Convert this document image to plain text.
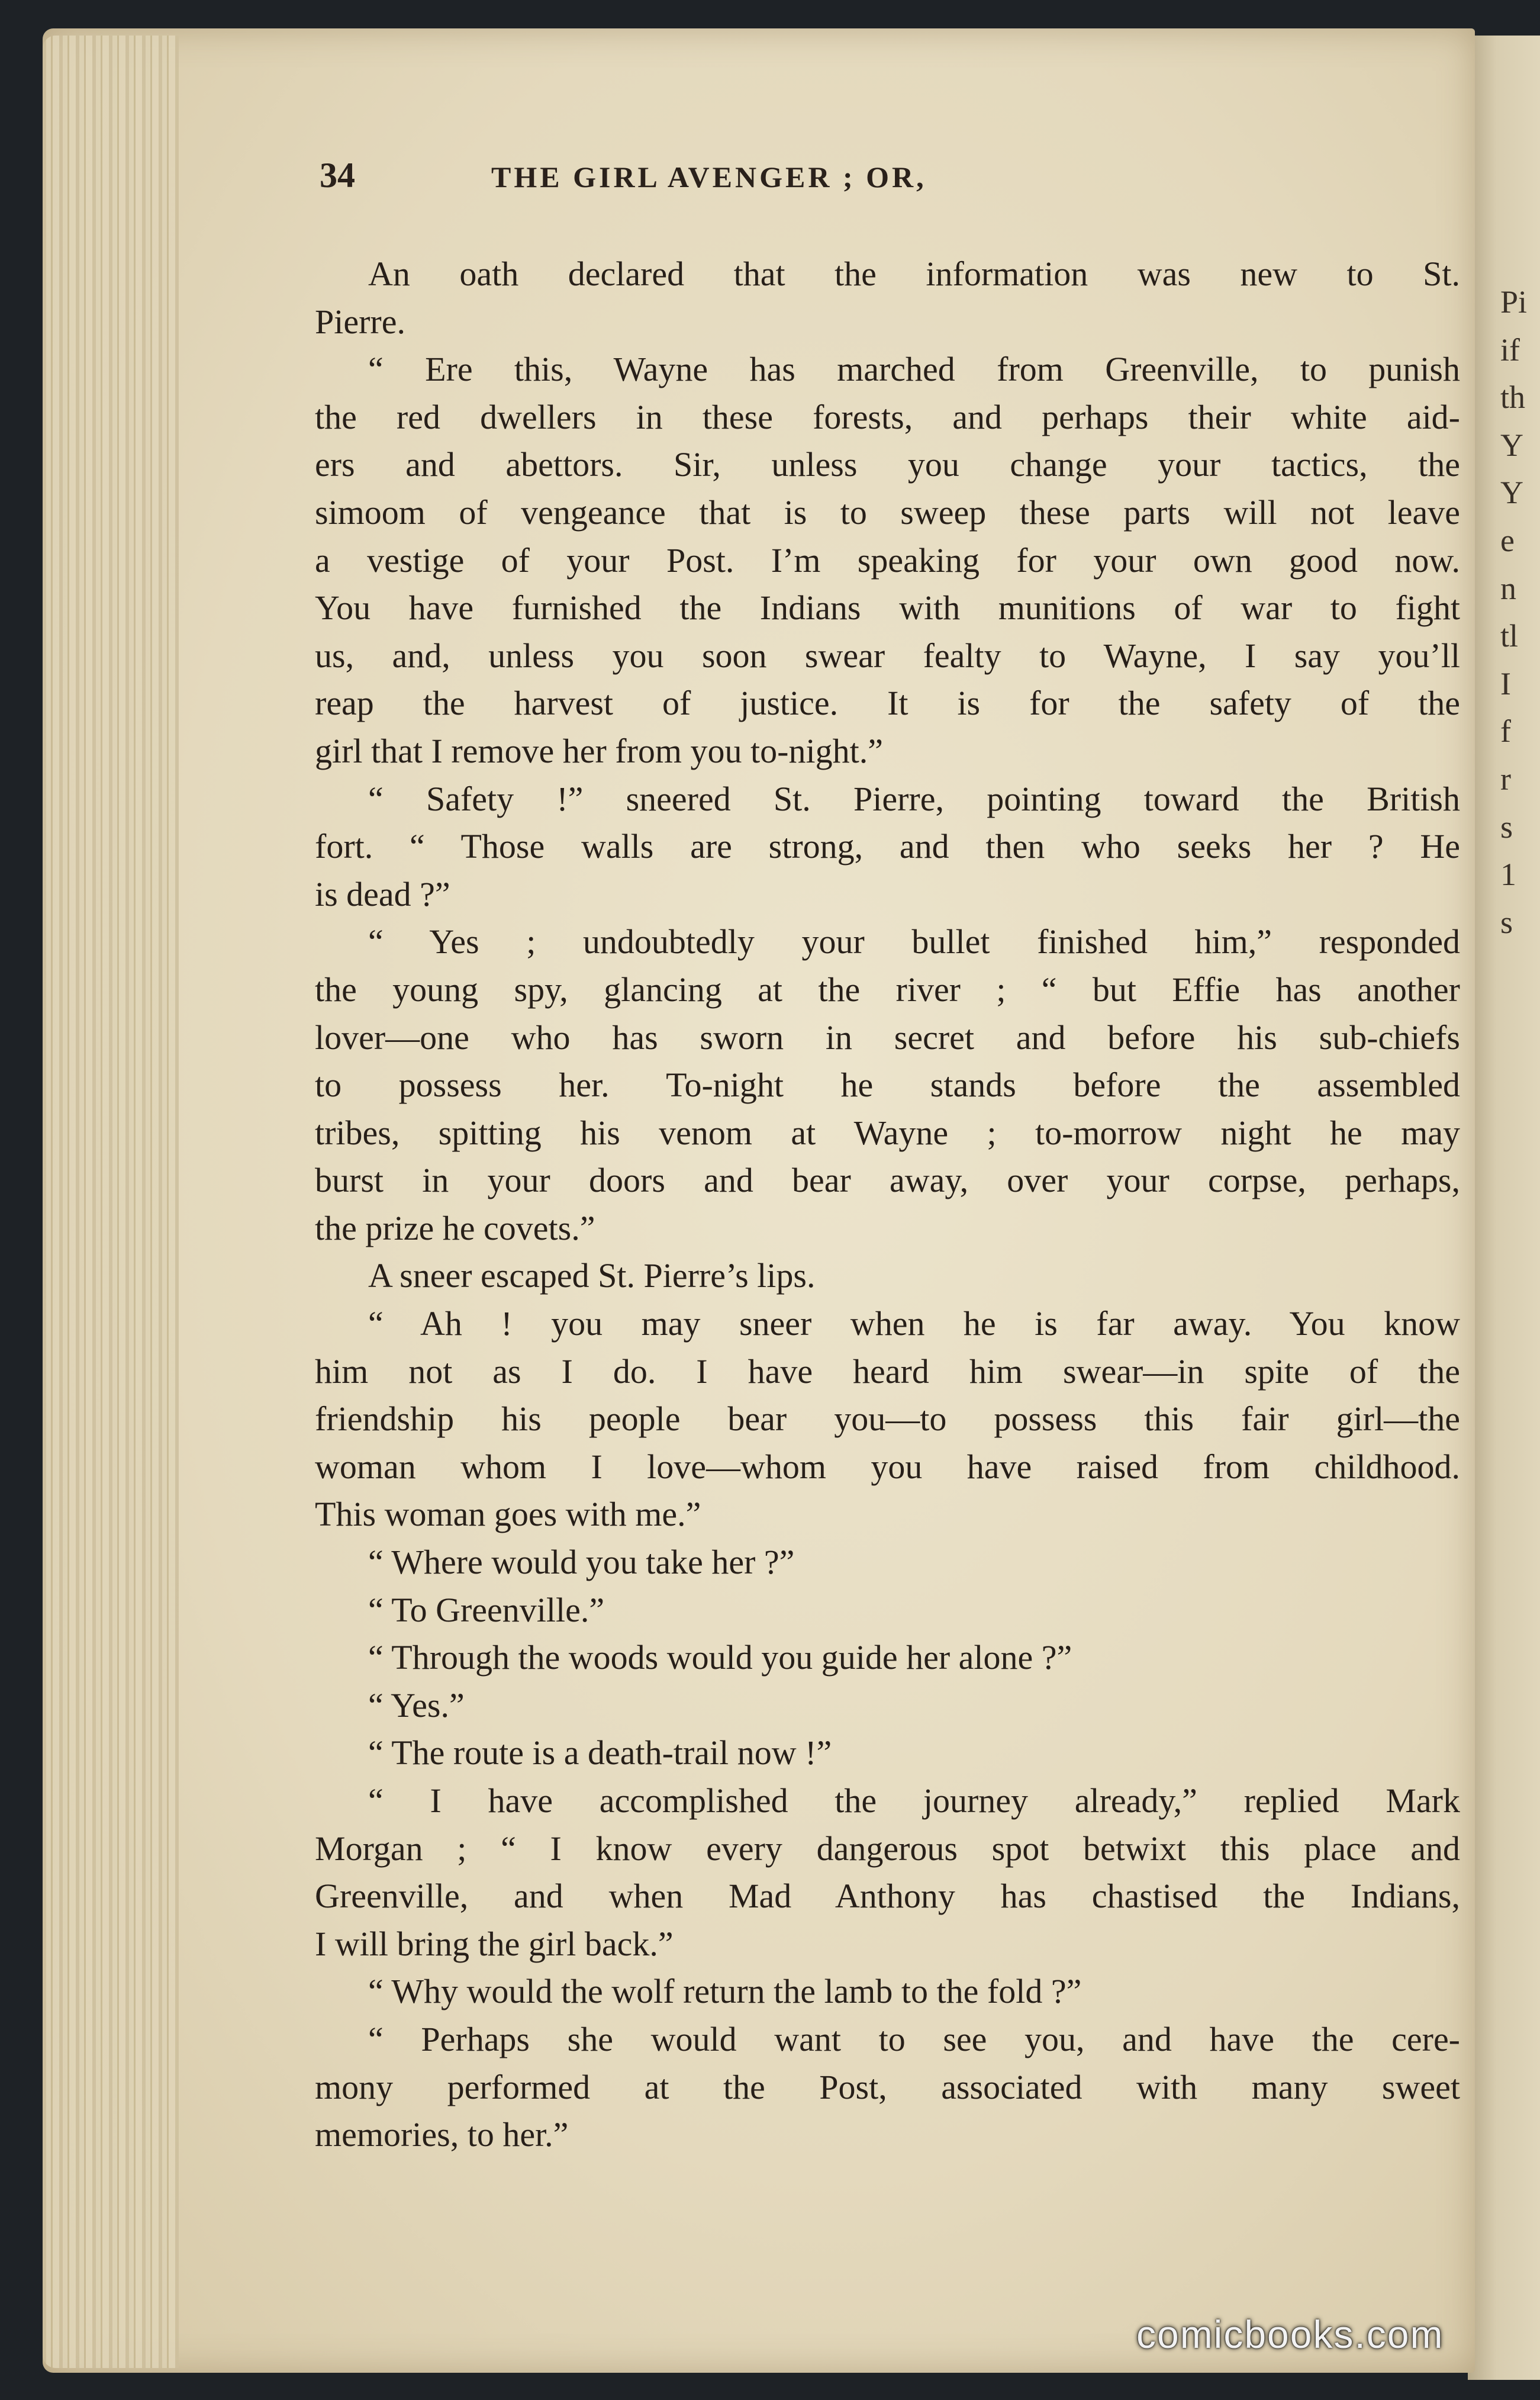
Pi
if
th
Y
Y
e
n
tl
I
f
r
s
1
s
34	THE GIRL AVENGER ; OR,
An oath declared that the information was new to St.
Pierre.
“ Ere this, Wayne has marched from Greenville, to punish
the red dwellers in these forests, and perhaps their white aid-
ers and abettors. Sir, unless you change your tactics, the
simoom of vengeance that is to sweep these parts will not leave
a vestige of your Post. I’m speaking for your own good now.
You have furnished the Indians with munitions of war to fight
us, and, unless you soon swear fealty to Wayne, I say you’ll
reap the harvest of justice. It is for the safety of the
girl that I remove her from you to-night.”
“ Safety !” sneered St. Pierre, pointing toward the British
fort. “ Those walls are strong, and then who seeks her ? He
is dead ?”
“ Yes ; undoubtedly your bullet finished him,” responded
the young spy, glancing at the river ; “ but Effie has another
lover—one who has sworn in secret and before his sub-chiefs
to possess her. To-night he stands before the assembled
tribes, spitting his venom at Wayne ; to-morrow night he may
burst in your doors and bear away, over your corpse, perhaps,
the prize he covets.”
A sneer escaped St. Pierre’s lips.
“ Ah ! you may sneer when he is far away. You know
him not as I do. I have heard him swear—in spite of the
friendship his people bear you—to possess this fair girl—the
woman whom I love—whom you have raised from childhood.
This woman goes with me.”
“ Where would you take her ?”
“ To Greenville.”
“ Through the woods would you guide her alone ?”
“ Yes.”
“ The route is a death-trail now !”
“ I have accomplished the journey already,” replied Mark
Morgan ; “ I know every dangerous spot betwixt this place and
Greenville, and when Mad Anthony has chastised the Indians,
I will bring the girl back.”
“ Why would the wolf return the lamb to the fold ?”
“ Perhaps she would want to see you, and have the cere-
mony performed at the Post, associated with many sweet
memories, to her.”
comicbooks.com
